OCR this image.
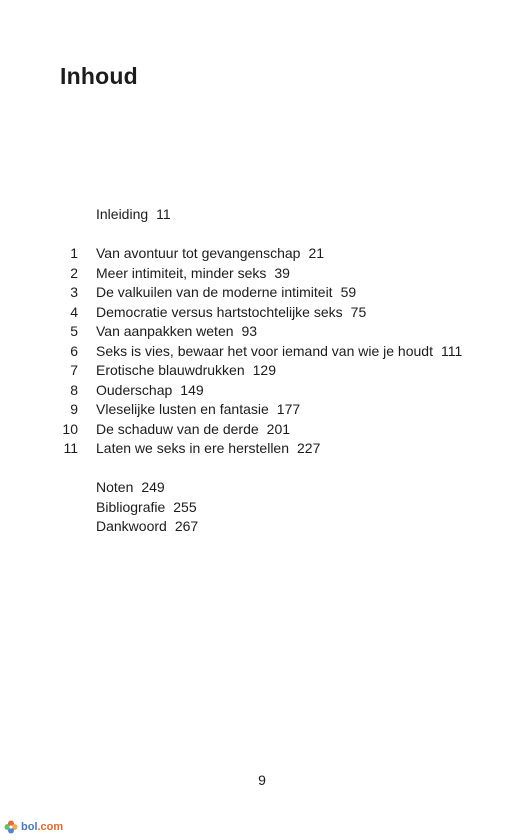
Inhoud
Inleiding 11
1 Van avontuur tot gevangenschap 21
2 Meer intimiteit, minder seks 39
3 De valkuilen van de moderne intimiteit 59
4 Democratie versus hartstochtelijke seks 75
5 Van aanpakken weten 93
6 Seks is vies, bewaar het voor iemand van wie je houdt 111
7 Erotische blauwdrukken 129
8 Ouderschap 149
9 Vleselijke lusten en fantasie 177
10 De schaduw van de derde 201
11 Laten we seks in ere herstellen 227
Noten 249
Bibliografie 255
Dankwoord 267
9
bol.com
